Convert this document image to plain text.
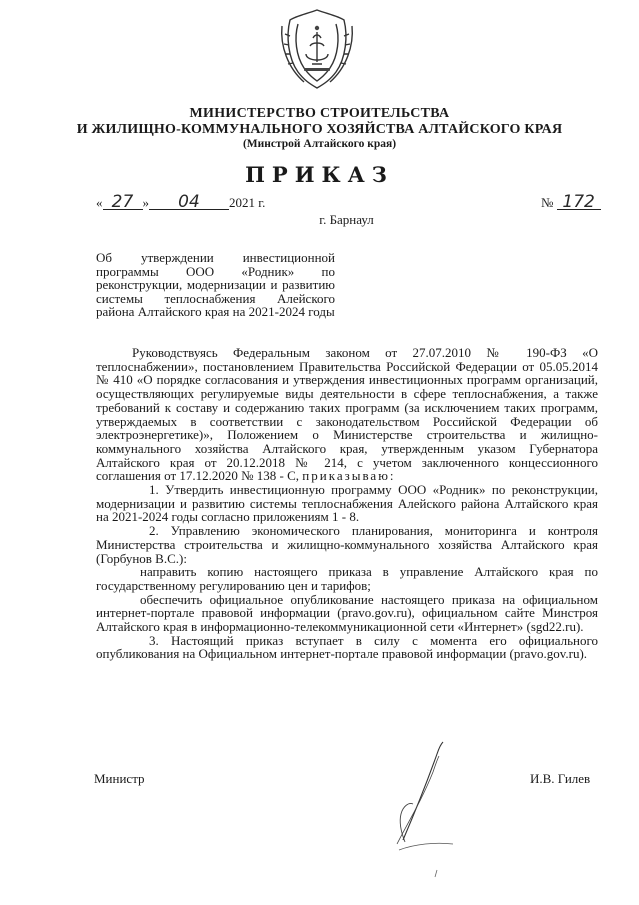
МИНИСТЕРСТВО СТРОИТЕЛЬСТВА
И ЖИЛИЩНО-КОММУНАЛЬНОГО ХОЗЯЙСТВА АЛТАЙСКОГО КРАЯ
(Минстрой Алтайского края)
ПРИКАЗ
« 27 » 04 2021 г.	№ 172
г. Барнаул
Об утверждении инвестиционной программы ООО «Родник» по реконструкции, модернизации и развитию системы теплоснабжения Алейского района Алтайского края на 2021-2024 годы

Руководствуясь Федеральным законом от 27.07.2010 № 190-ФЗ «О теплоснабжении», постановлением Правительства Российской Федерации от 05.05.2014 № 410 «О порядке согласования и утверждения инвестиционных программ организаций, осуществляющих регулируемые виды деятельности в сфере теплоснабжения, а также требований к составу и содержанию таких программ (за исключением таких программ, утверждаемых в соответствии с законодательством Российской Федерации об электроэнергетике)», Положением о Министерстве строительства и жилищно-коммунального хозяйства Алтайского края, утвержденным указом Губернатора Алтайского края от 20.12.2018 № 214, с учетом заключенного концессионного соглашения от 17.12.2020 № 138 - С, приказываю:

1. Утвердить инвестиционную программу ООО «Родник» по реконструкции, модернизации и развитию системы теплоснабжения Алейского района Алтайского края на 2021-2024 годы согласно приложениям 1 - 8.

2. Управлению экономического планирования, мониторинга и контроля Министерства строительства и жилищно-коммунального хозяйства Алтайского края (Горбунов В.С.):

направить копию настоящего приказа в управление Алтайского края по государственному регулированию цен и тарифов;

обеспечить официальное опубликование настоящего приказа на официальном интернет-портале правовой информации (pravo.gov.ru), официальном сайте Минстроя Алтайского края в информационно-телекоммуникационной сети «Интернет» (sgd22.ru).

3. Настоящий приказ вступает в силу с момента его официального опубликования на Официальном интернет-портале правовой информации (pravo.gov.ru).

Министр	И.В. Гилев
